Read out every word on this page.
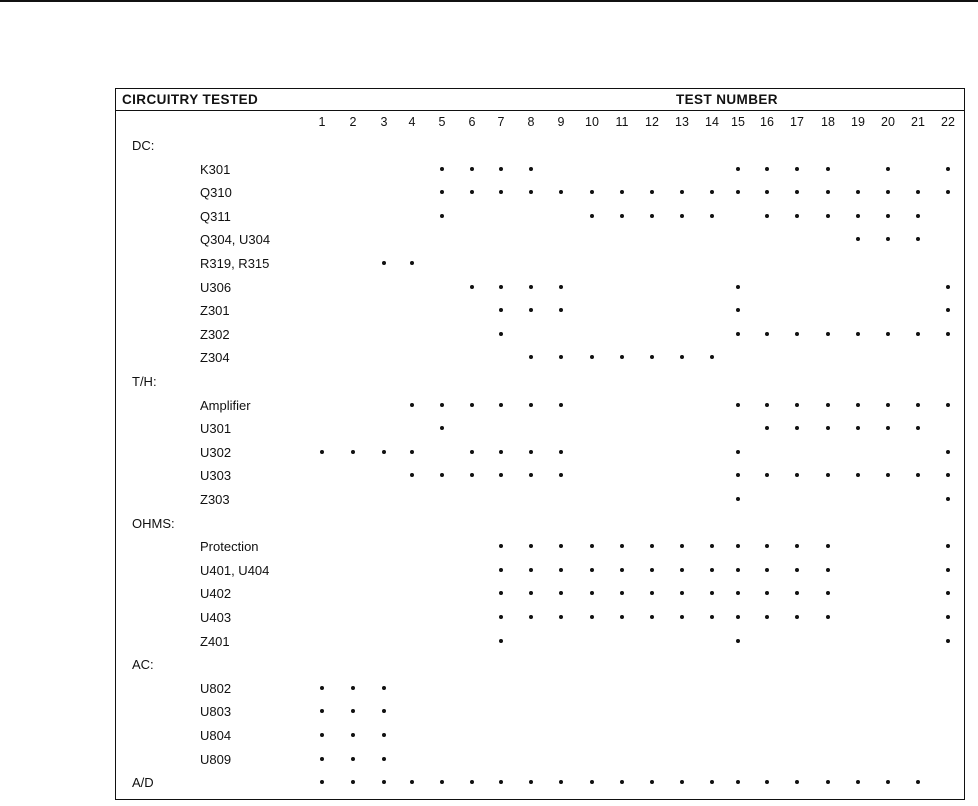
CIRCUITRY TESTED	TEST NUMBER
1 2 3 4 5 6 7 8 9 10 11 12 13 14 15 16 17 18 19 20 21 22
DC:
K301
Q310
Q311
Q304, U304
R319, R315
U306
Z301
Z302
Z304
T/H:
Amplifier
U301
U302
U303
Z303
OHMS:
Protection
U401, U404
U402
U403
Z401
AC:
U802
U803
U804
U809
A/D
